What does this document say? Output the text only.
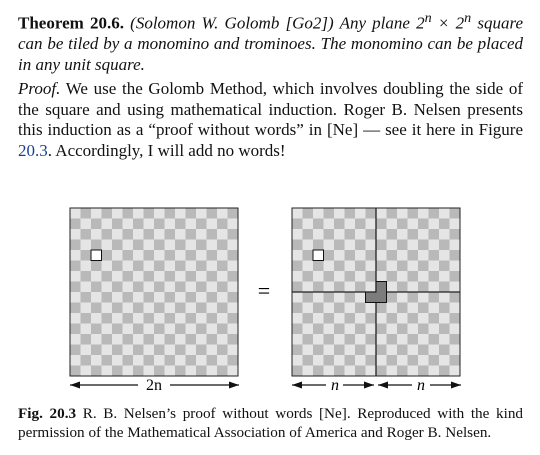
Theorem 20.6. (Solomon W. Golomb [Go2]) Any plane $2^n \times 2^n$ square can be tiled by a monomino and trominoes. The monomino can be placed in any unit square.
Proof. We use the Golomb Method, which involves doubling the side of the square and using mathematical induction. Roger B. Nelsen presents this induction as a “proof without words” in [Ne] — see it here in Figure 20.3. Accordingly, I will add no words!
=
2n	n	n
Fig. 20.3 R. B. Nelsen’s proof without words [Ne]. Reproduced with the kind permission of the Mathematical Association of America and Roger B. Nelsen.
